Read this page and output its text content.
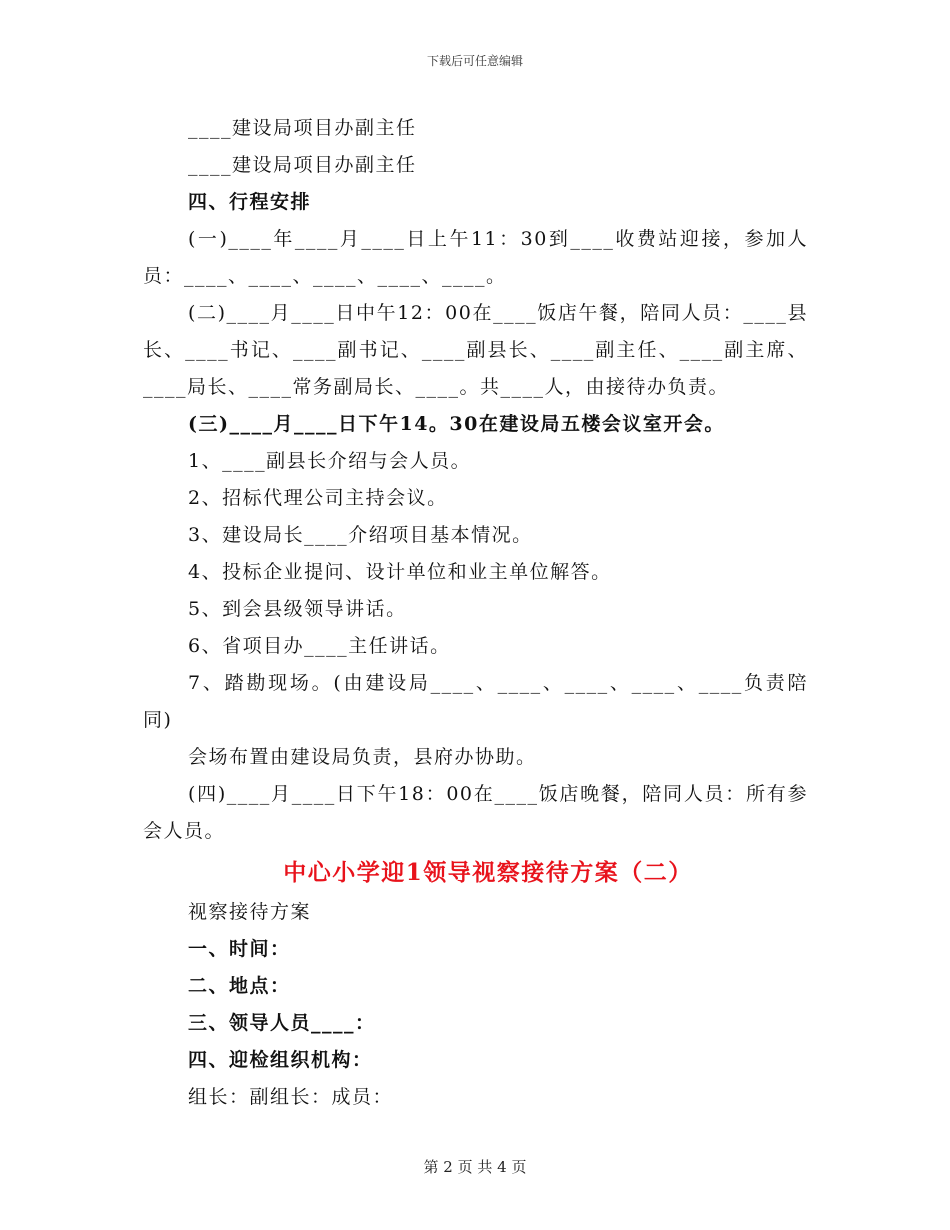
下载后可任意编辑
____建设局项目办副主任
____建设局项目办副主任
四、行程安排
(一)____年____月____日上午11：30到____收费站迎接，参加人员：____、____、____、____、____。
(二)____月____日中午12：00在____饭店午餐，陪同人员：____县长、____书记、____副书记、____副县长、____副主任、____副主席、____局长、____常务副局长、____。共____人，由接待办负责。
(三)____月____日下午14。30在建设局五楼会议室开会。
1、____副县长介绍与会人员。
2、招标代理公司主持会议。
3、建设局长____介绍项目基本情况。
4、投标企业提问、设计单位和业主单位解答。
5、到会县级领导讲话。
6、省项目办____主任讲话。
7、踏勘现场。(由建设局____、____、____、____、____负责陪同)
会场布置由建设局负责，县府办协助。
(四)____月____日下午18：00在____饭店晚餐，陪同人员：所有参会人员。
中心小学迎1领导视察接待方案（二）
视察接待方案
一、时间：
二、地点：
三、领导人员____：
四、迎检组织机构：
组长：副组长：成员：
第 2 页 共 4 页
